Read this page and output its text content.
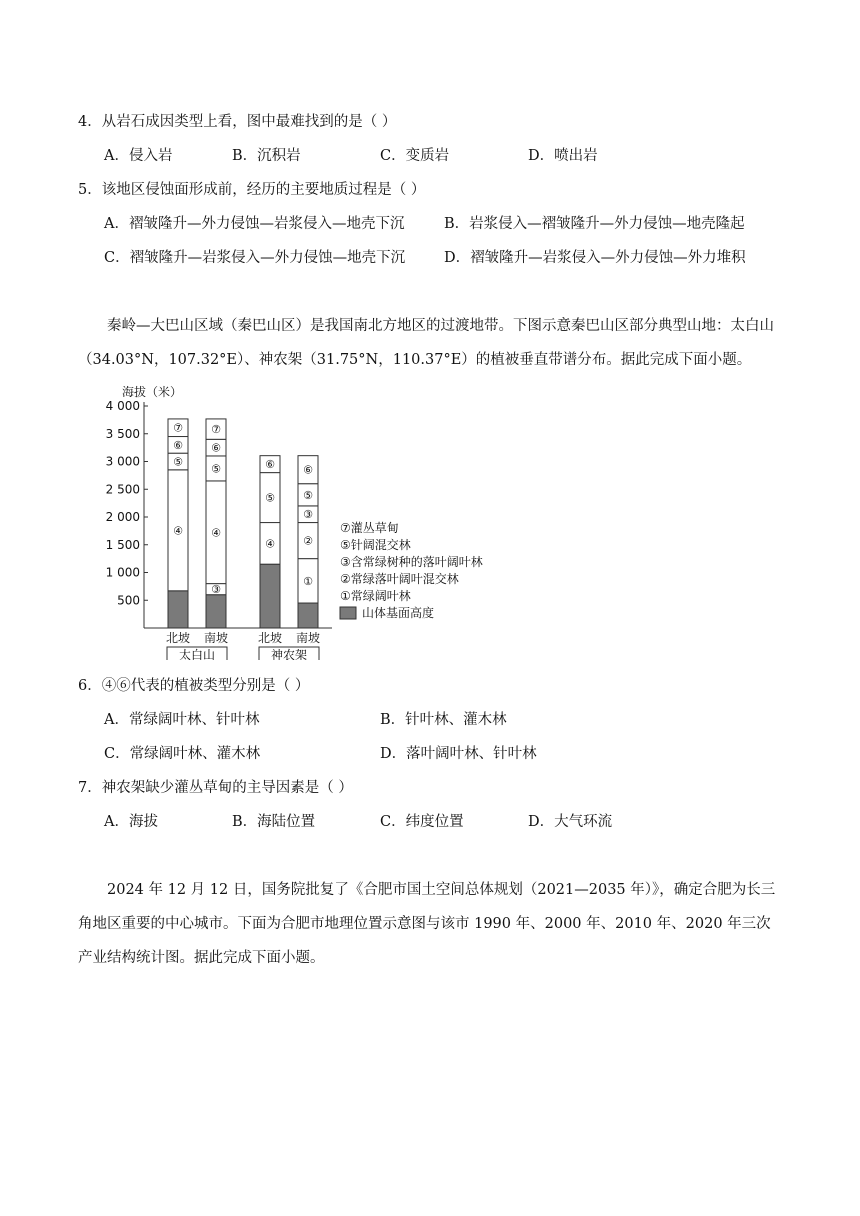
4．从岩石成因类型上看，图中最难找到的是（ ）
A．侵入岩	B．沉积岩	C．变质岩	D．喷出岩
5．该地区侵蚀面形成前，经历的主要地质过程是（ ）
A．褶皱隆升—外力侵蚀—岩浆侵入—地壳下沉	B．岩浆侵入—褶皱隆升—外力侵蚀—地壳隆起
C．褶皱隆升—岩浆侵入—外力侵蚀—地壳下沉	D．褶皱隆升—岩浆侵入—外力侵蚀—外力堆积
秦岭—大巴山区域（秦巴山区）是我国南北方地区的过渡地带。下图示意秦巴山区部分典型山地：太白山（34.03°N，107.32°E）、神农架（31.75°N，110.37°E）的植被垂直带谱分布。据此完成下面小题。
海拔（米）
500
1 000
1 500
2 000
2 500
3 000
3 500
4 000
④
⑤
⑥
⑦
北坡
③
④
⑤
⑥
⑦
南坡
太白山
④
⑤
⑥
北坡
①
②
③
⑤
⑥
南坡
神农架
⑦灌丛草甸
⑤针阔混交林
③含常绿树种的落叶阔叶林
②常绿落叶阔叶混交林
①常绿阔叶林
山体基面高度
6．④⑥代表的植被类型分别是（ ）
A．常绿阔叶林、针叶林	B．针叶林、灌木林
C．常绿阔叶林、灌木林	D．落叶阔叶林、针叶林
7．神农架缺少灌丛草甸的主导因素是（ ）
A．海拔	B．海陆位置	C．纬度位置	D．大气环流
2024 年 12 月 12 日，国务院批复了《合肥市国土空间总体规划（2021—2035 年）》，确定合肥为长三角地区重要的中心城市。下面为合肥市地理位置示意图与该市 1990 年、2000 年、2010 年、2020 年三次产业结构统计图。据此完成下面小题。
